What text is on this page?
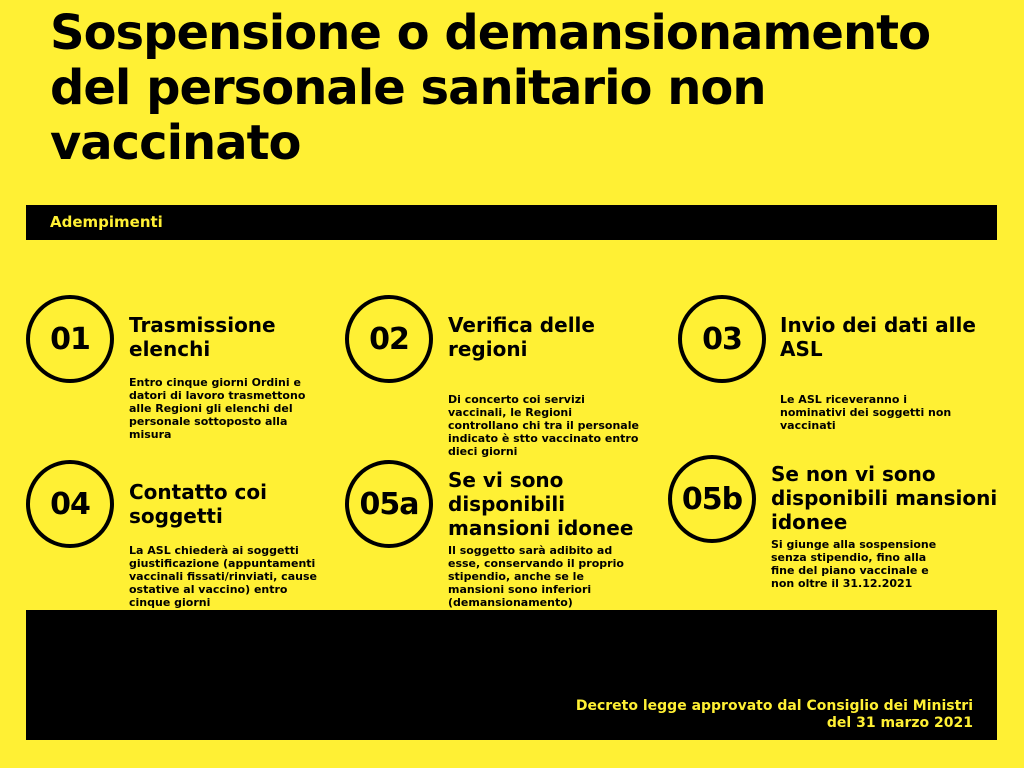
Sospensione o demansionamento del personale sanitario non vaccinato
Adempimenti
01	Trasmissione elenchi
Entro cinque giorni Ordini e datori di lavoro trasmettono alle Regioni gli elenchi del personale sottoposto alla misura
02	Verifica delle regioni
Di concerto coi servizi vaccinali, le Regioni controllano chi tra il personale indicato è stto vaccinato entro dieci giorni
03	Invio dei dati alle ASL
Le ASL riceveranno i nominativi dei soggetti non vaccinati
04	Contatto coi soggetti
La ASL chiederà ai soggetti giustificazione (appuntamenti vaccinali fissati/rinviati, cause ostative al vaccino) entro cinque giorni
05a
Se vi sono disponibili mansioni idonee
Il soggetto sarà adibito ad esse, conservando il proprio stipendio, anche se le mansioni sono inferiori (demansionamento)
05b
Se non vi sono disponibili mansioni idonee
Si giunge alla sospensione senza stipendio, fino alla fine del piano vaccinale e non oltre il 31.12.2021
Decreto legge approvato dal Consiglio dei Ministri del 31 marzo 2021
